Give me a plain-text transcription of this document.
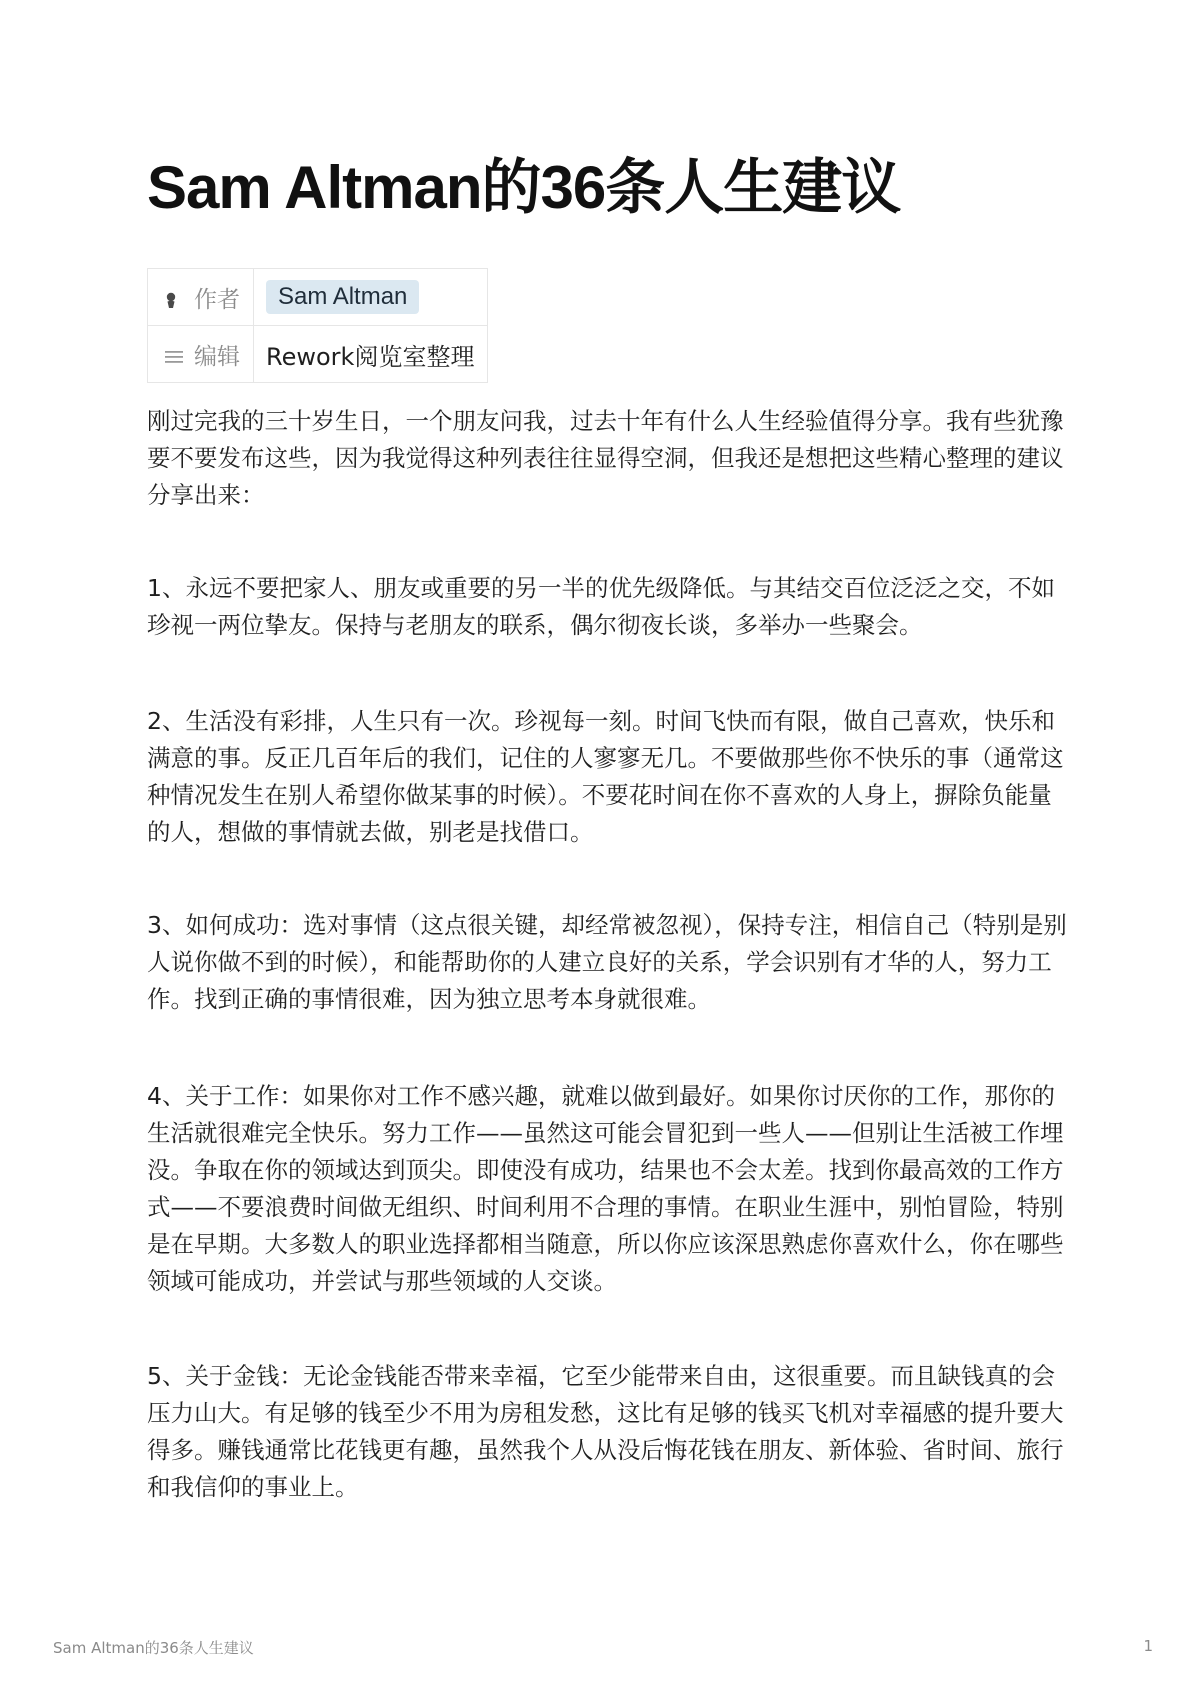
Sam Altman的36条人生建议
作者	Sam Altman

编辑	Rework阅览室整理

刚过完我的三十岁生日，一个朋友问我，过去十年有什么人生经验值得分享。我有些犹豫要不要发布这些，因为我觉得这种列表往往显得空洞，但我还是想把这些精心整理的建议分享出来：

1、永远不要把家人、朋友或重要的另一半的优先级降低。与其结交百位泛泛之交，不如珍视一两位挚友。保持与老朋友的联系，偶尔彻夜长谈，多举办一些聚会。

2、生活没有彩排，人生只有一次。珍视每一刻。时间飞快而有限，做自己喜欢，快乐和满意的事。反正几百年后的我们，记住的人寥寥无几。不要做那些你不快乐的事（通常这种情况发生在别人希望你做某事的时候）。不要花时间在你不喜欢的人身上，摒除负能量的人，想做的事情就去做，别老是找借口。

3、如何成功：选对事情（这点很关键，却经常被忽视），保持专注，相信自己（特别是别人说你做不到的时候），和能帮助你的人建立良好的关系，学会识别有才华的人，努力工作。找到正确的事情很难，因为独立思考本身就很难。

4、关于工作：如果你对工作不感兴趣，就难以做到最好。如果你讨厌你的工作，那你的生活就很难完全快乐。努力工作——虽然这可能会冒犯到一些人——但别让生活被工作埋没。争取在你的领域达到顶尖。即使没有成功，结果也不会太差。找到你最高效的工作方式——不要浪费时间做无组织、时间利用不合理的事情。在职业生涯中，别怕冒险，特别是在早期。大多数人的职业选择都相当随意，所以你应该深思熟虑你喜欢什么，你在哪些领域可能成功，并尝试与那些领域的人交谈。

5、关于金钱：无论金钱能否带来幸福，它至少能带来自由，这很重要。而且缺钱真的会压力山大。有足够的钱至少不用为房租发愁，这比有足够的钱买飞机对幸福感的提升要大得多。赚钱通常比花钱更有趣，虽然我个人从没后悔花钱在朋友、新体验、省时间、旅行和我信仰的事业上。

Sam Altman的36条人生建议	1
